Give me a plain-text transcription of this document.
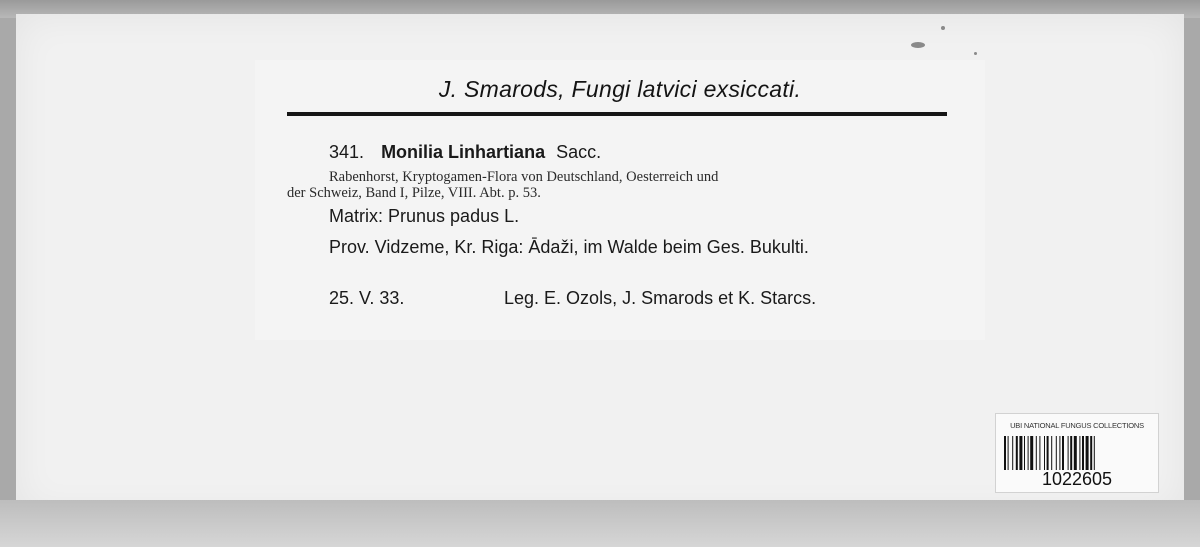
J. Smarods, Fungi latvici exsiccati.
341. Monilia Linhartiana Sacc.
Rabenhorst, Kryptogamen-Flora von Deutschland, Oesterreich und
der Schweiz, Band I, Pilze, VIII. Abt. p. 53.
Matrix: Prunus padus L.
Prov. Vidzeme, Kr. Riga: Ādaži, im Walde beim Ges. Bukulti.
25. V. 33.	Leg. E. Ozols, J. Smarods et K. Starcs.
UBI NATIONAL FUNGUS COLLECTIONS
1022605
